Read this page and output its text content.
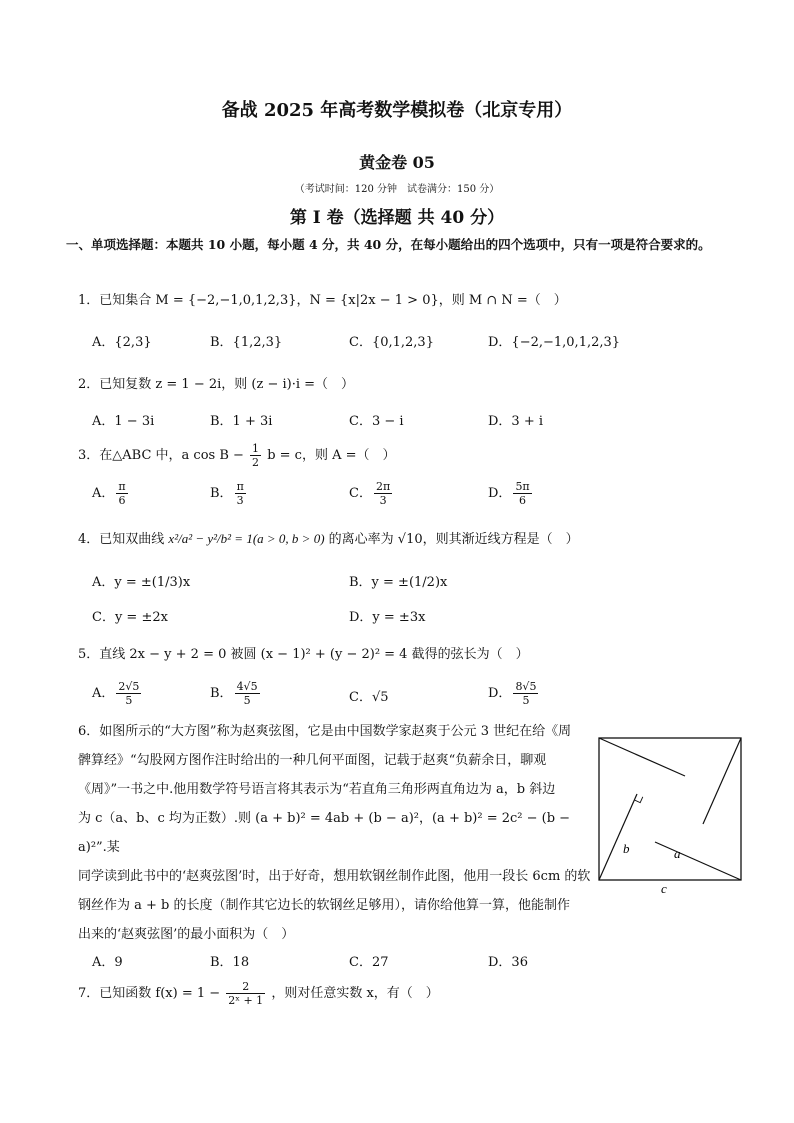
备战 2025 年高考数学模拟卷（北京专用）
黄金卷 05
（考试时间：120 分钟　试卷满分：150 分）
第 I 卷（选择题 共 40 分）
一、单项选择题：本题共 10 小题，每小题 4 分，共 40 分，在每小题给出的四个选项中，只有一项是符合要求的。
1．已知集合 M = {−2,−1,0,1,2,3}，N = {x|2x − 1 > 0}，则 M ∩ N =（　）
A．{2,3}	B．{1,2,3}	C．{0,1,2,3}	D．{−2,−1,0,1,2,3}
2．已知复数 z = 1 − 2i，则 (z − i)·i =（　）
A．1 − 3i	B．1 + 3i	C．3 − i	D．3 + i
3．在△ABC 中，a $\cos B - \frac{1}{2}$ b = c，则 A =（　）
A． $\frac{\pi}{6}$	B． $\frac{\pi}{3}$	C． $\frac{2\pi}{3}$	D． $\frac{5\pi}{6}$
4．已知双曲线 x²/a² − y²/b² = 1(a > 0, b > 0) 的离心率为 √10，则其渐近线方程是（　）
A．y = ±(1/3)x	B．y = ±(1/2)x
C．y = ±2x	D．y = ±3x
5．直线 2x − y + 2 = 0 被圆 (x − 1)² + (y − 2)² = 4 截得的弦长为（　）
A． $\frac{2√5}{5}$	B． $\frac{4√5}{5}$	C．√5	D． $\frac{8√5}{5}$
6．如图所示的“大方图”称为赵爽弦图，它是由中国数学家赵爽于公元 3 世纪在给《周
髀算经》“勾股网方图作注时给出的一种几何平面图，记载于赵爽“负薪余日，聊观
《周》”一书之中.他用数学符号语言将其表示为“若直角三角形两直角边为 a，b 斜边
为 c（a、b、c 均为正数）.则 (a + b)² = 4ab + (b − a)²，(a + b)² = 2c² − (b − a)²”.某
同学读到此书中的‘赵爽弦图’时，出于好奇，想用软钢丝制作此图，他用一段长 6cm 的软
钢丝作为 a + b 的长度（制作其它边长的软钢丝足够用），请你给他算一算，他能制作
出来的‘赵爽弦图’的最小面积为（　）
b	a
c
A．9	B．18	C．27	D．36
7．已知函数 $f(x) = 1 - \frac{2}{\text{2ˣ + 1}}$ ，则对任意实数 x，有（　）
